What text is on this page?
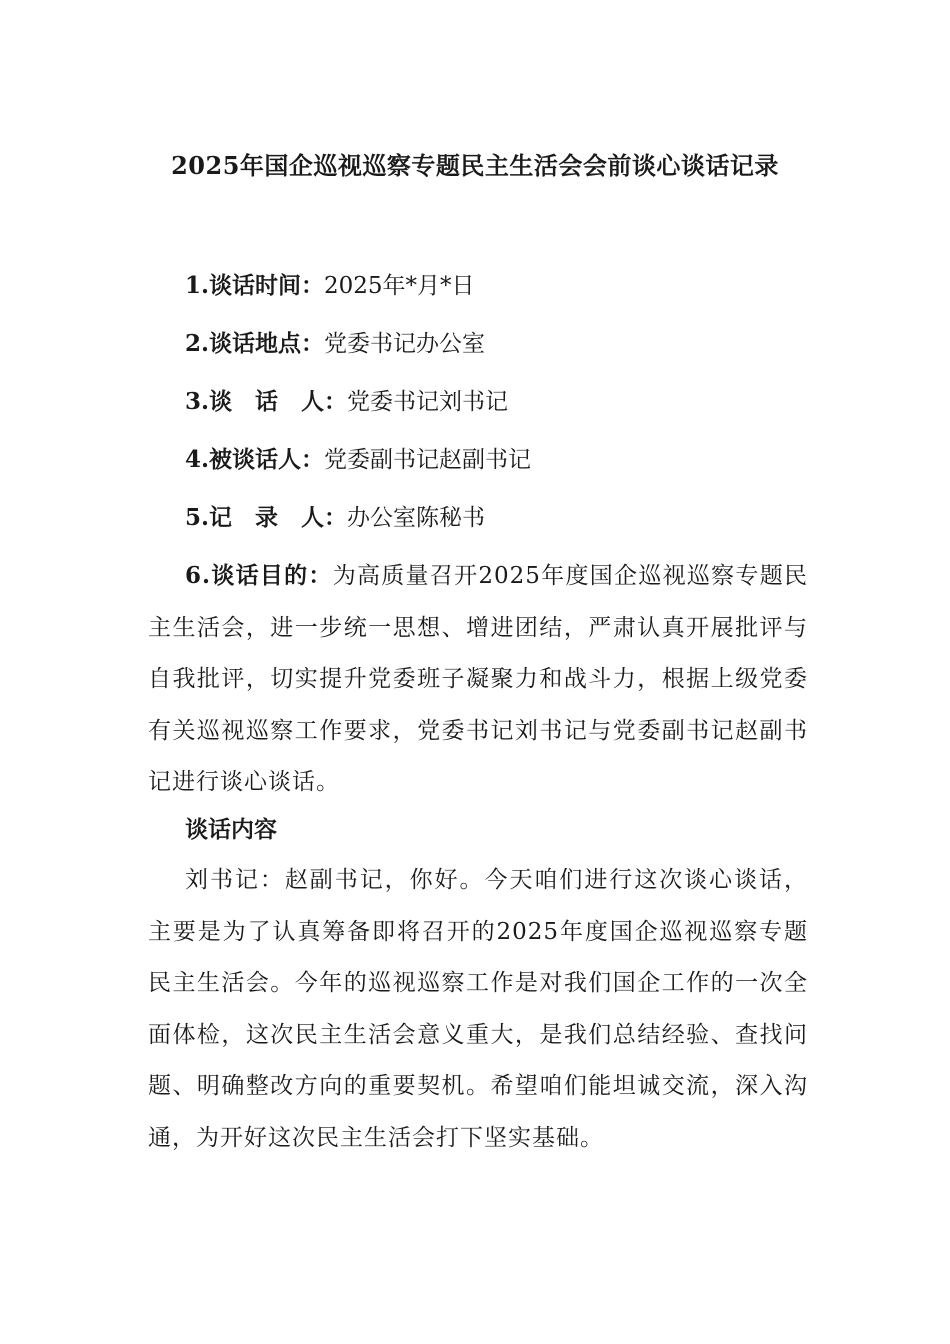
2025年国企巡视巡察专题民主生活会会前谈心谈话记录
1.谈话时间：2025年*月*日
2.谈话地点：党委书记办公室
3.谈　话　人：党委书记刘书记
4.被谈话人：党委副书记赵副书记
5.记　录　人：办公室陈秘书

6.谈话目的：为高质量召开2025年度国企巡视巡察专题民主生活会，进一步统一思想、增进团结，严肃认真开展批评与自我批评，切实提升党委班子凝聚力和战斗力，根据上级党委有关巡视巡察工作要求，党委书记刘书记与党委副书记赵副书记进行谈心谈话。

谈话内容

刘书记：赵副书记，你好。今天咱们进行这次谈心谈话，主要是为了认真筹备即将召开的2025年度国企巡视巡察专题民主生活会。今年的巡视巡察工作是对我们国企工作的一次全面体检，这次民主生活会意义重大，是我们总结经验、查找问题、明确整改方向的重要契机。希望咱们能坦诚交流，深入沟通，为开好这次民主生活会打下坚实基础。
